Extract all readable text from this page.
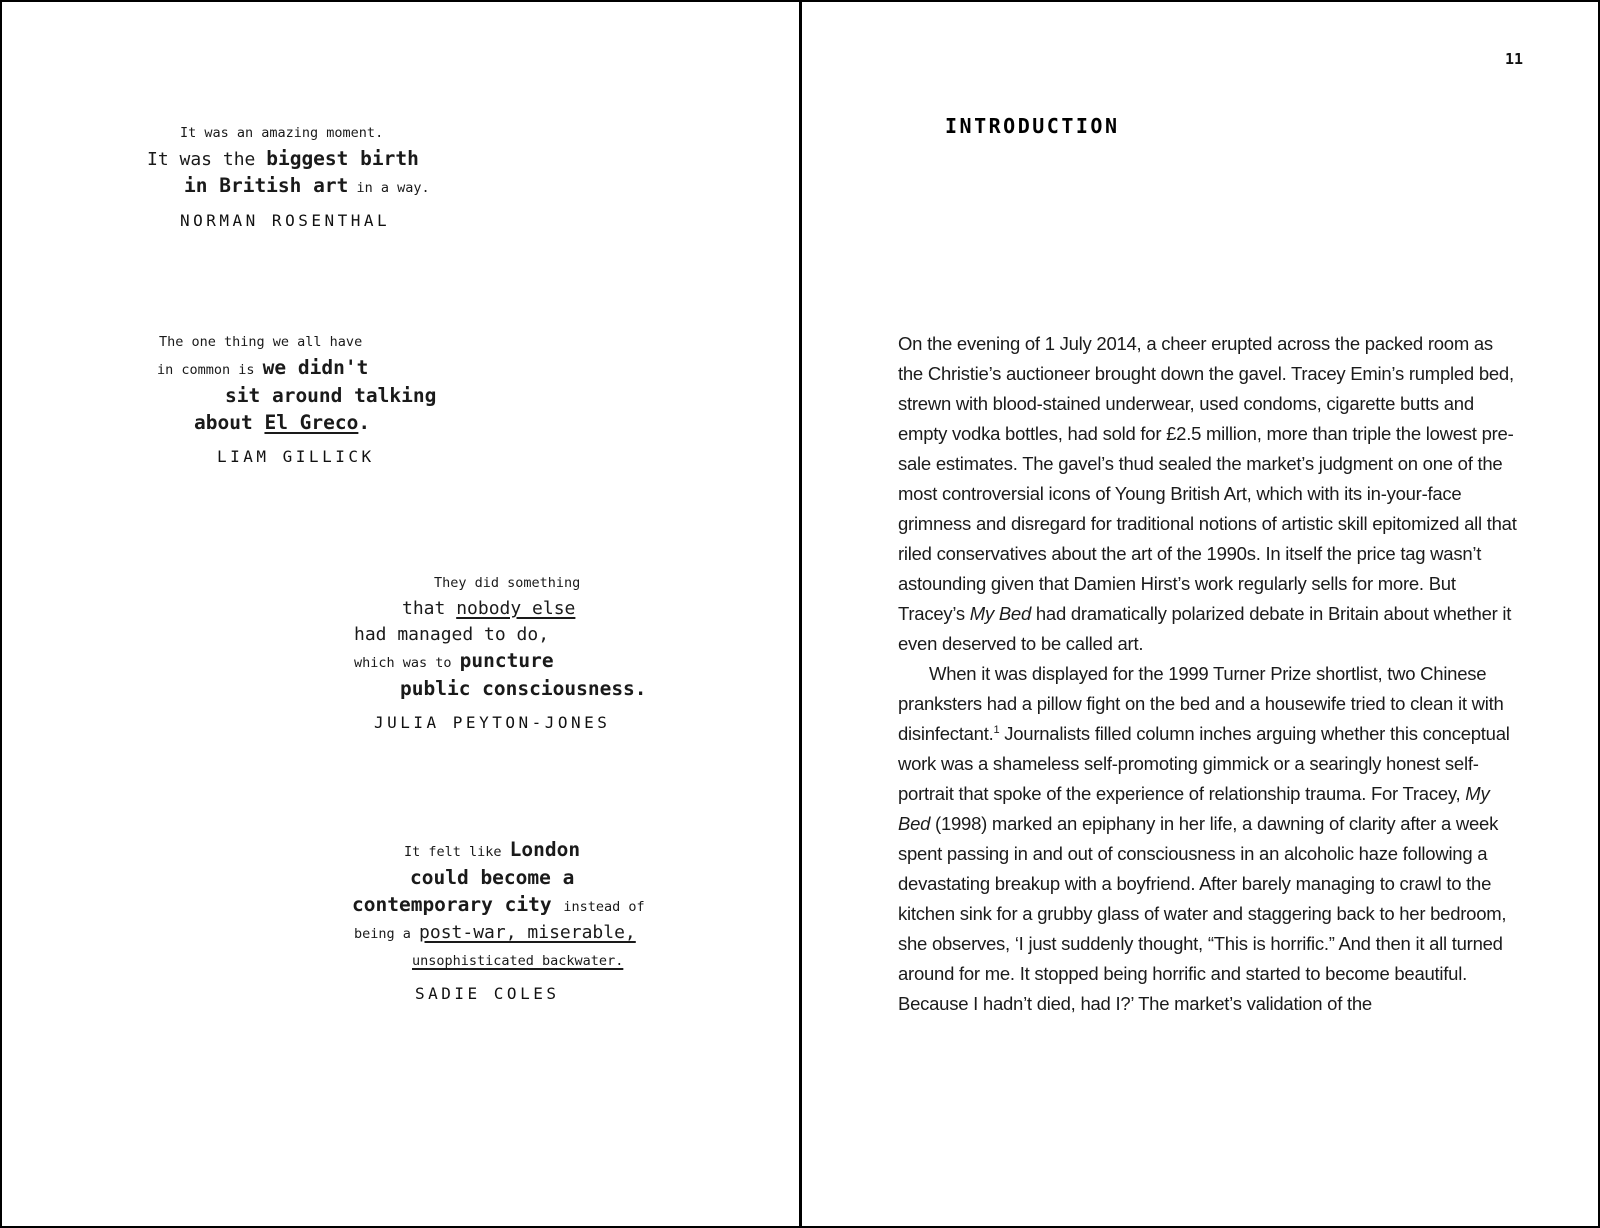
It was an amazing moment.
It was the biggest birth
in British art in a way.
NORMAN ROSENTHAL
The one thing we all have
in common is we didn't
sit around talking
about El Greco.
LIAM GILLICK
They did something
that nobody else
had managed to do,
which was to puncture
public consciousness.
JULIA PEYTON-JONES
It felt like London
could become a
contemporary city instead of
being a post-war, miserable,
unsophisticated backwater.
SADIE COLES
11
INTRODUCTION

On the evening of 1 July 2014, a cheer erupted across the packed room as the Christie’s auctioneer brought down the gavel. Tracey Emin’s rumpled bed, strewn with blood-stained underwear, used condoms, cigarette butts and empty vodka bottles, had sold for £2.5 million, more than triple the lowest pre-sale estimates. The gavel’s thud sealed the market’s judgment on one of the most controversial icons of Young British Art, which with its in-your-face grimness and disregard for traditional notions of artistic skill epitomized all that riled conservatives about the art of the 1990s. In itself the price tag wasn’t astounding given that Damien Hirst’s work regularly sells for more. But Tracey’s My Bed had dramatically polarized debate in Britain about whether it even deserved to be called art.

When it was displayed for the 1999 Turner Prize shortlist, two Chinese pranksters had a pillow fight on the bed and a housewife tried to clean it with disinfectant.$^1$ Journalists filled column inches arguing whether this conceptual work was a shameless self-promoting gimmick or a searingly honest self-portrait that spoke of the experience of relationship trauma. For Tracey, My Bed (1998) marked an epiphany in her life, a dawning of clarity after a week spent passing in and out of consciousness in an alcoholic haze following a devastating breakup with a boyfriend. After barely managing to crawl to the kitchen sink for a grubby glass of water and staggering back to her bedroom, she observes, ‘I just suddenly thought, “This is horrific.” And then it all turned around for me. It stopped being horrific and started to become beautiful. Because I hadn’t died, had I?’ The market’s validation of the
